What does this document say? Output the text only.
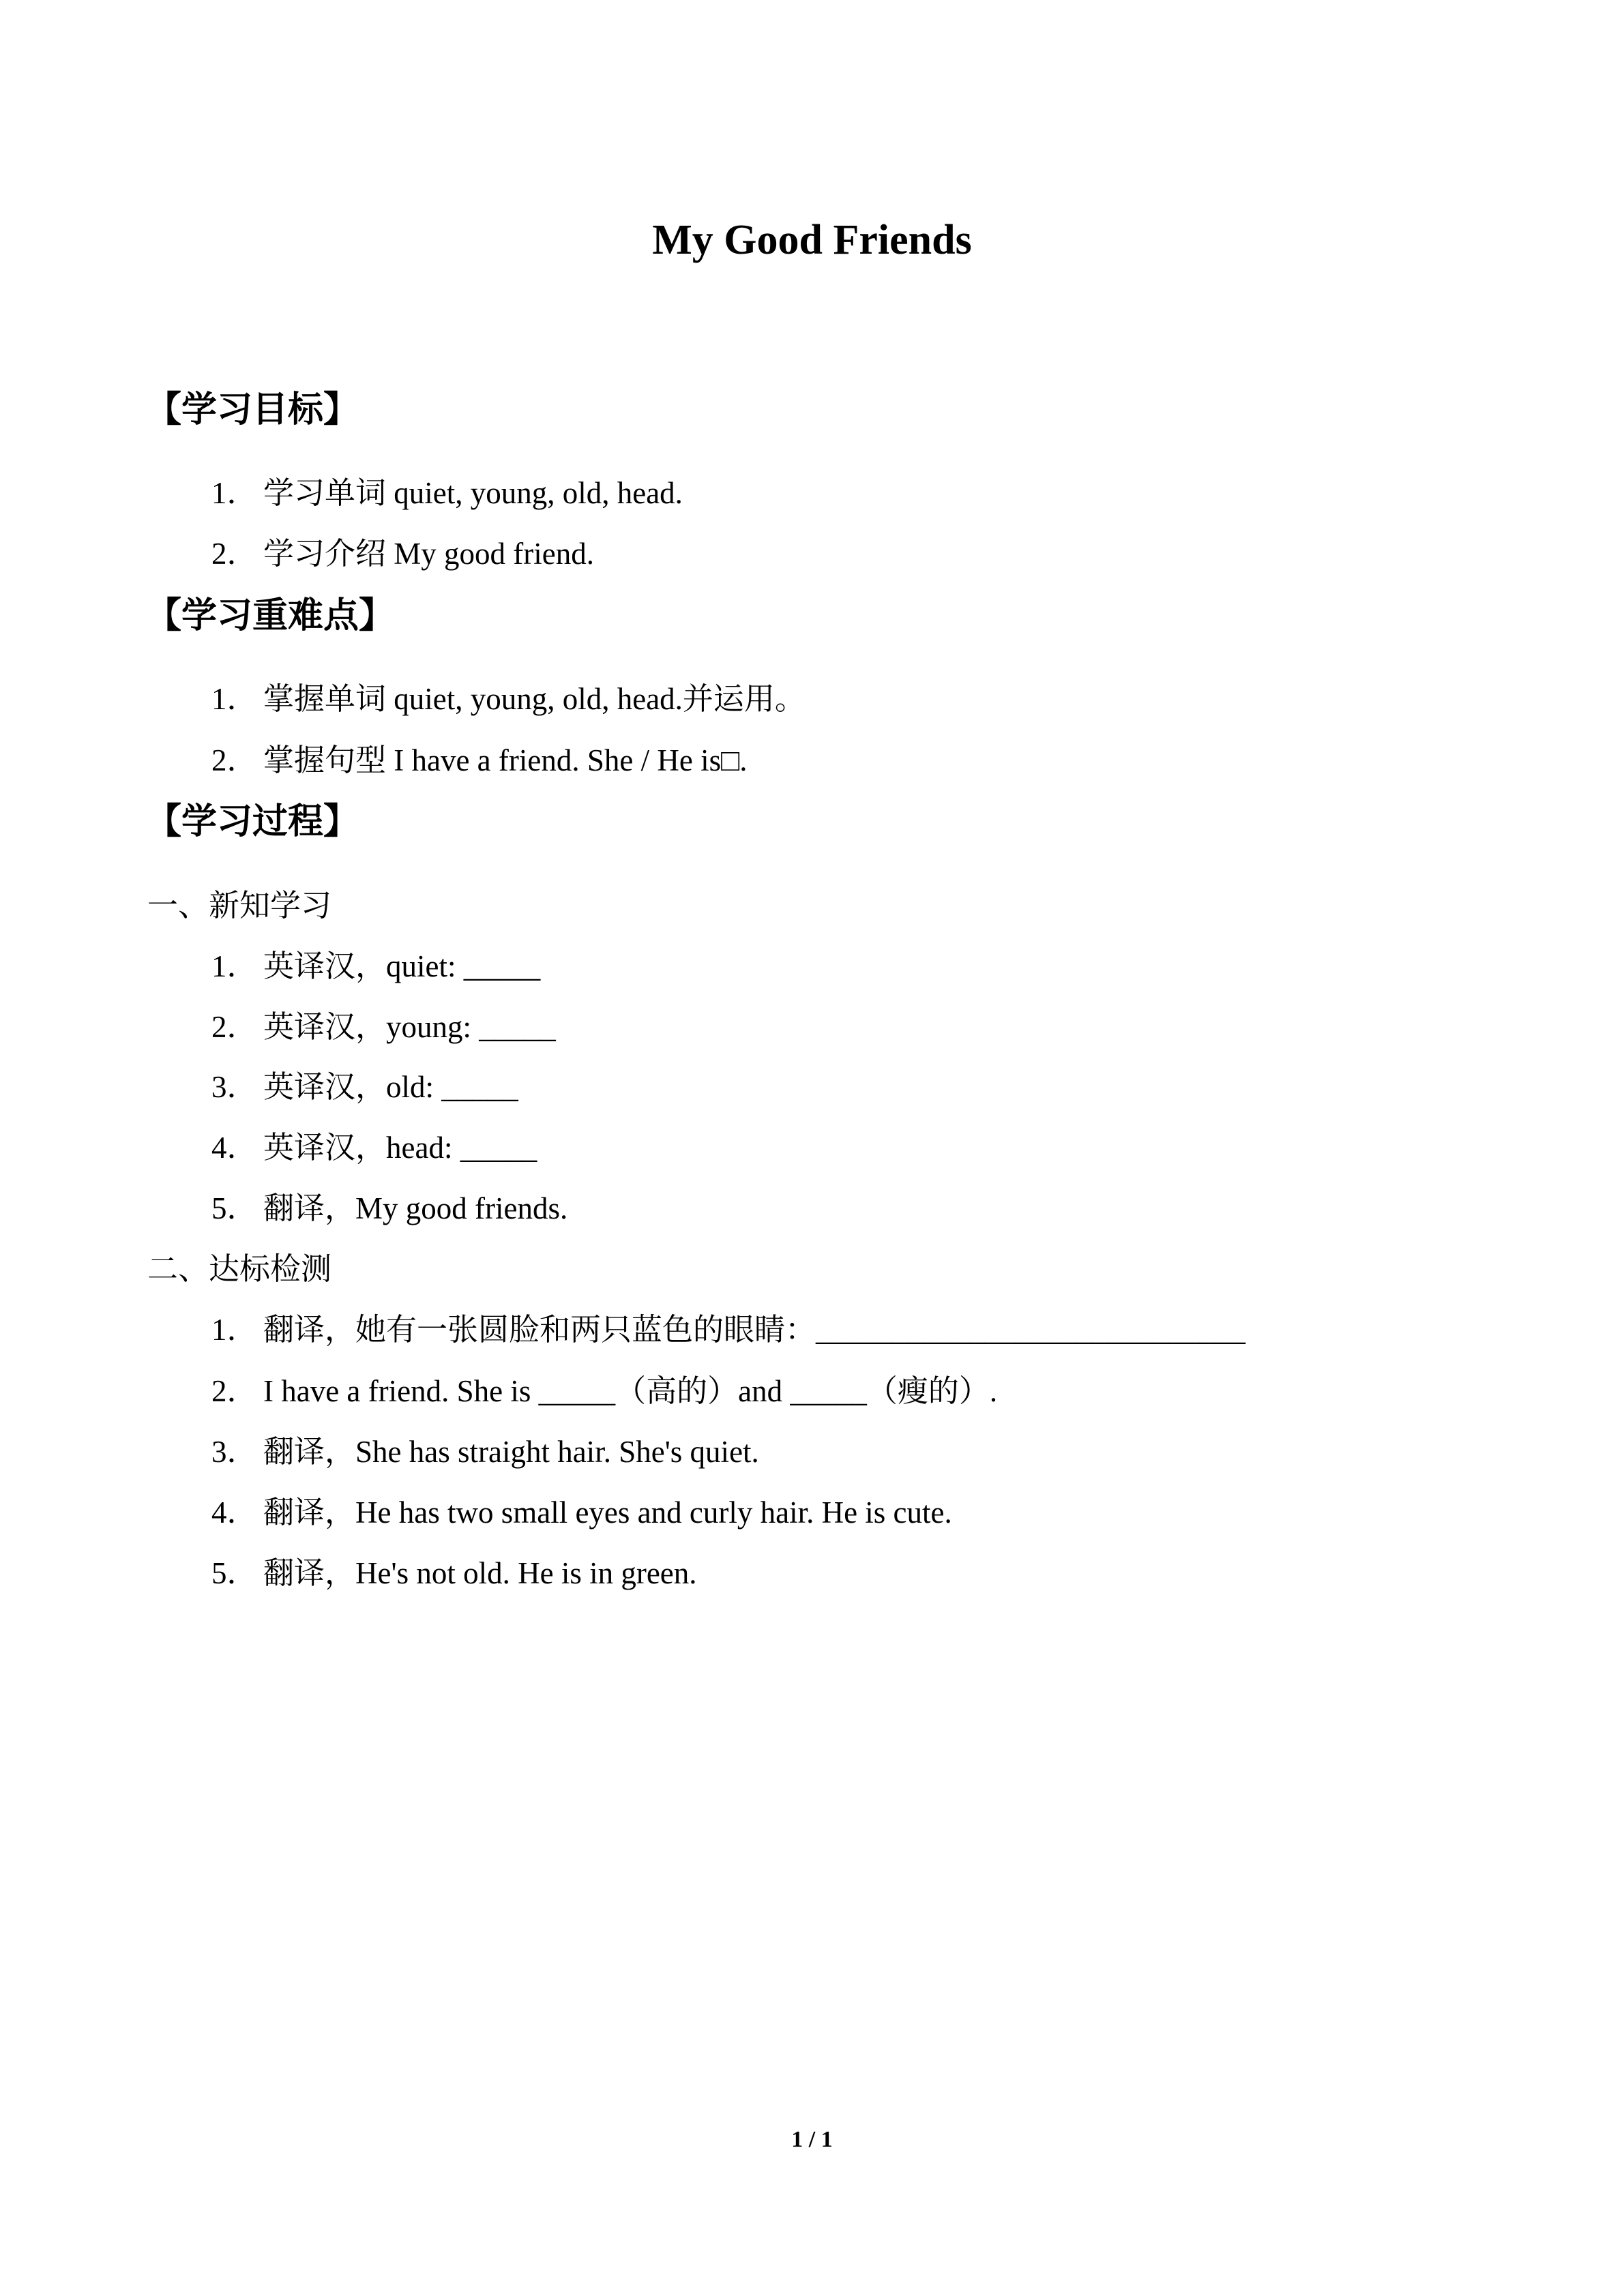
My Good Friends
【学习目标】
1． 学习单词 quiet, young, old, head.
2． 学习介绍 My good friend.
【学习重难点】
1． 掌握单词 quiet, young, old, head.并运用。
2． 掌握句型 I have a friend. She / He is□.
【学习过程】
一、新知学习
1． 英译汉，quiet: _____
2． 英译汉，young: _____
3． 英译汉，old: _____
4． 英译汉，head: _____
5． 翻译，My good friends.
二、达标检测
1． 翻译，她有一张圆脸和两只蓝色的眼睛：____________________________
2． I have a friend. She is _____（高的）and _____（瘦的）.
3． 翻译，She has straight hair. She's quiet.
4． 翻译，He has two small eyes and curly hair. He is cute.
5． 翻译，He's not old. He is in green.
1 / 1
